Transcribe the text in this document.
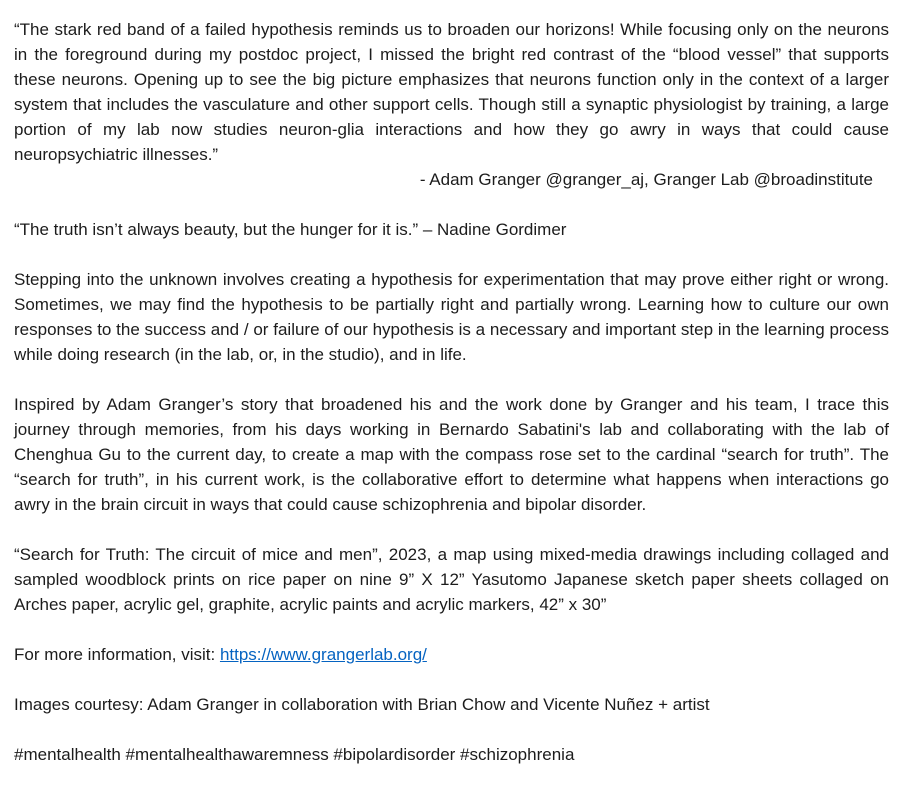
“The stark red band of a failed hypothesis reminds us to broaden our horizons! While focusing only on the neurons in the foreground during my postdoc project, I missed the bright red contrast of the “blood vessel” that supports these neurons. Opening up to see the big picture emphasizes that neurons function only in the context of a larger system that includes the vasculature and other support cells. Though still a synaptic physiologist by training, a large portion of my lab now studies neuron-glia interactions and how they go awry in ways that could cause neuropsychiatric illnesses.”

- Adam Granger @granger_aj, Granger Lab @broadinstitute

“The truth isn’t always beauty, but the hunger for it is.” – Nadine Gordimer

Stepping into the unknown involves creating a hypothesis for experimentation that may prove either right or wrong. Sometimes, we may find the hypothesis to be partially right and partially wrong. Learning how to culture our own responses to the success and / or failure of our hypothesis is a necessary and important step in the learning process while doing research (in the lab, or, in the studio), and in life.

Inspired by Adam Granger’s story that broadened his and the work done by Granger and his team, I trace this journey through memories, from his days working in Bernardo Sabatini's lab and collaborating with the lab of Chenghua Gu to the current day, to create a map with the compass rose set to the cardinal “search for truth”. The “search for truth”, in his current work, is the collaborative effort to determine what happens when interactions go awry in the brain circuit in ways that could cause schizophrenia and bipolar disorder.

“Search for Truth: The circuit of mice and men”, 2023, a map using mixed-media drawings including collaged and sampled woodblock prints on rice paper on nine 9” X 12” Yasutomo Japanese sketch paper sheets collaged on Arches paper, acrylic gel, graphite, acrylic paints and acrylic markers, 42” x 30”

For more information, visit: https://www.grangerlab.org/

Images courtesy: Adam Granger in collaboration with Brian Chow and Vicente Nuñez + artist

#mentalhealth #mentalhealthawaremness #bipolardisorder #schizophrenia
